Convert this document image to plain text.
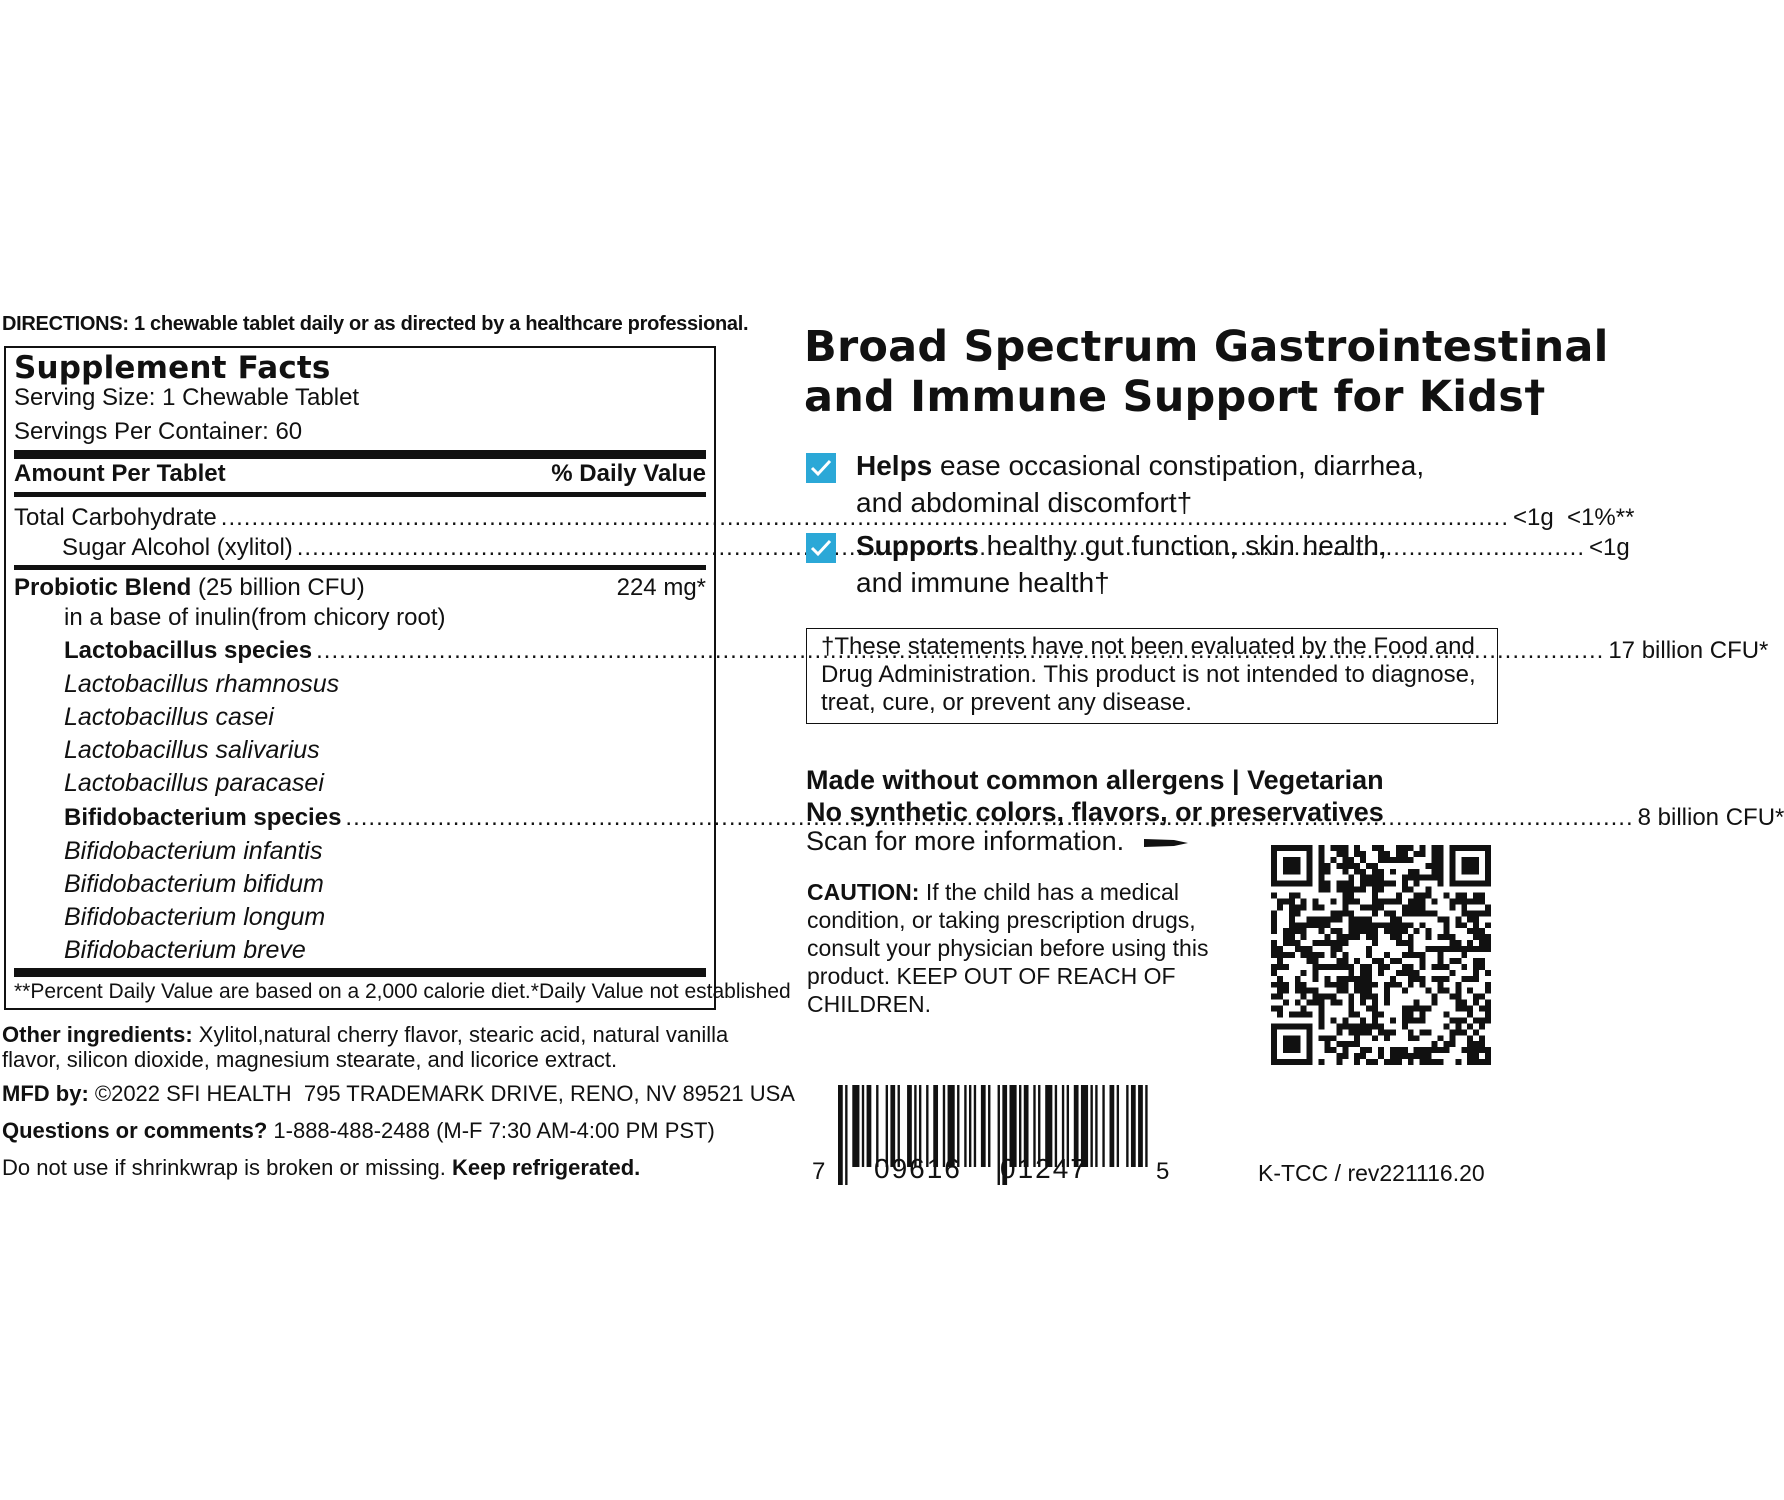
DIRECTIONS: 1 chewable tablet daily or as directed by a healthcare professional.
Supplement Facts
Serving Size: 1 Chewable Tablet
Servings Per Container: 60
Amount Per Tablet	% Daily Value
Total Carbohydrate .....	<1g  <1%**
Sugar Alcohol (xylitol) .....	<1g
Probiotic Blend (25 billion CFU)	224 mg*
in a base of inulin(from chicory root)
Lactobacillus species .....	17 billion CFU*
Lactobacillus rhamnosus
Lactobacillus casei
Lactobacillus salivarius
Lactobacillus paracasei
Bifidobacterium species .....	8 billion CFU*
Bifidobacterium infantis
Bifidobacterium bifidum
Bifidobacterium longum
Bifidobacterium breve
**Percent Daily Value are based on a 2,000 calorie diet. *Daily Value not established
Other ingredients: Xylitol,natural cherry flavor, stearic acid, natural vanilla
flavor, silicon dioxide, magnesium stearate, and licorice extract.
MFD by: ©2022 SFI HEALTH  795 TRADEMARK DRIVE, RENO, NV 89521 USA
Questions or comments? 1-888-488-2488 (M-F 7:30 AM-4:00 PM PST)
Do not use if shrinkwrap is broken or missing. Keep refrigerated.
Broad Spectrum Gastrointestinal
and Immune Support for Kids†
Helps ease occasional constipation, diarrhea,
and abdominal discomfort†
Supports healthy gut function, skin health,
and immune health†
†These statements have not been evaluated by the Food and Drug Administration. This product is not intended to diagnose, treat, cure, or prevent any disease.
Made without common allergens | Vegetarian
No synthetic colors, flavors, or preservatives
Scan for more information.
CAUTION: If the child has a medical condition, or taking prescription drugs, consult your physician before using this product. KEEP OUT OF REACH OF CHILDREN.
7 09616 01247	5	K-TCC / rev221116.20
